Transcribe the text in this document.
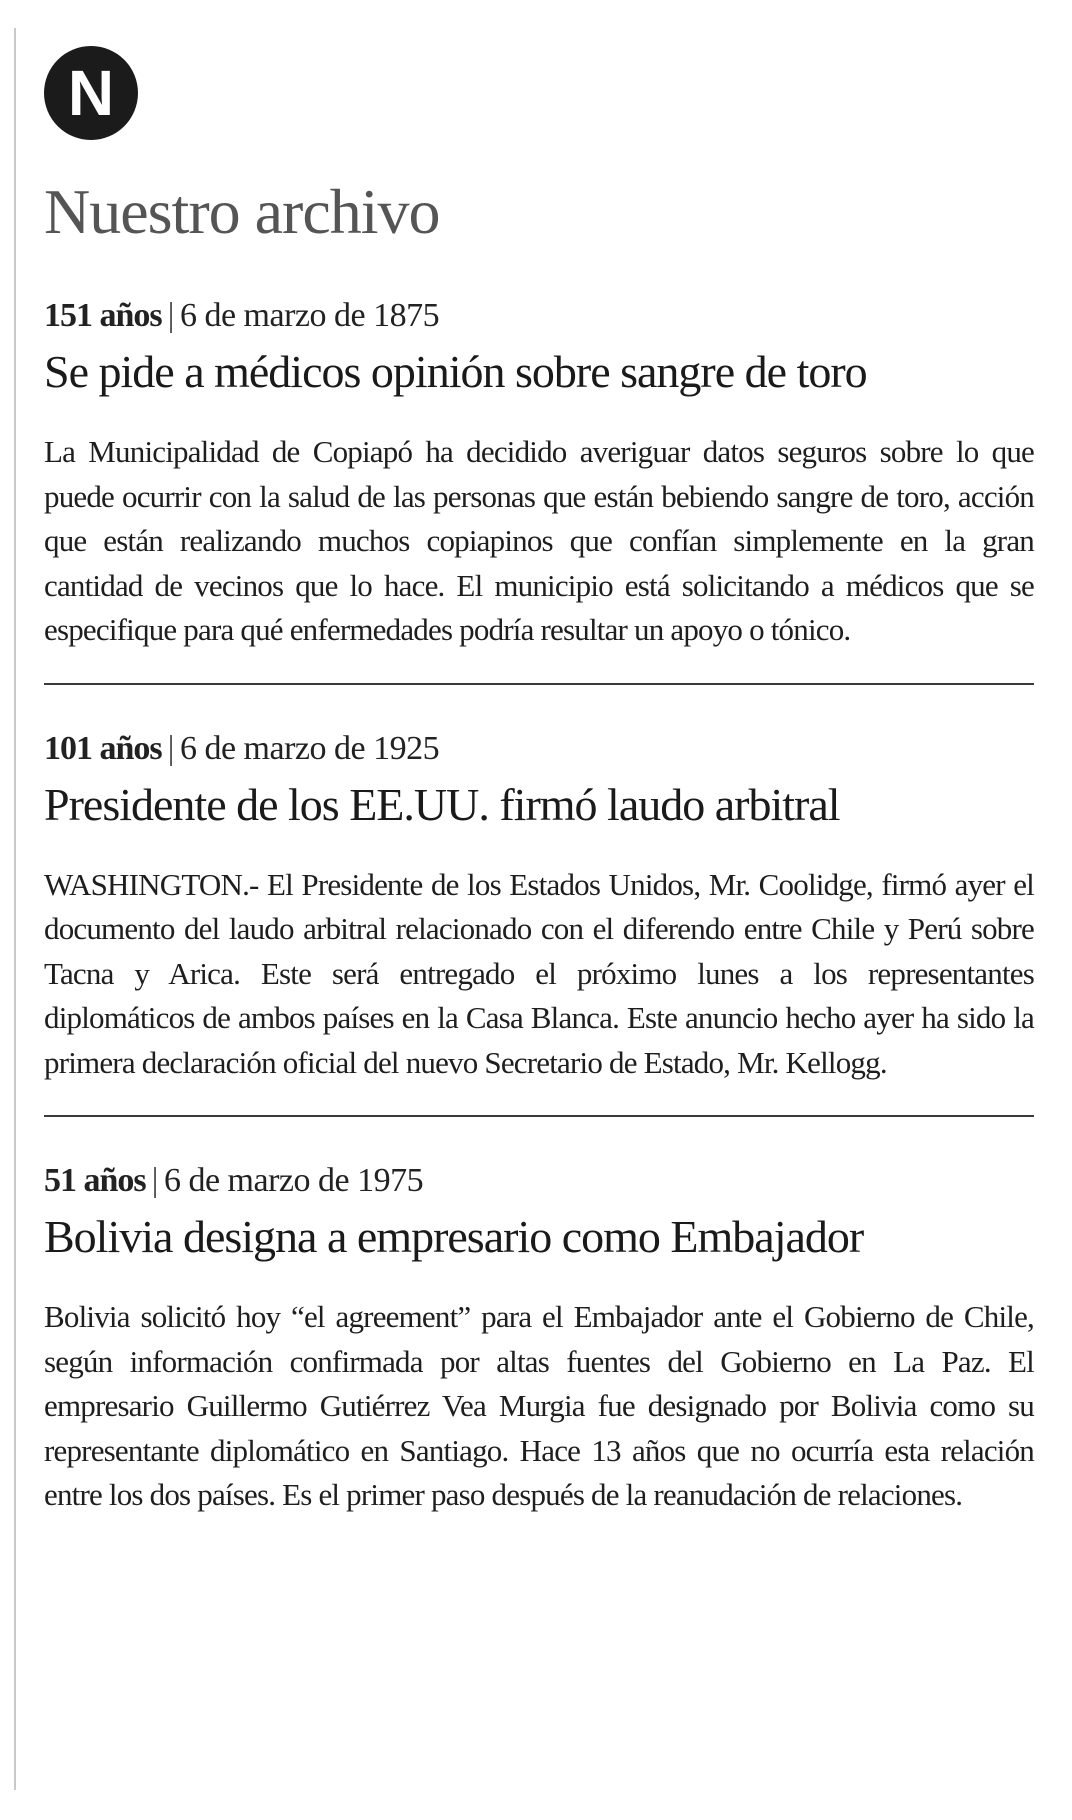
N
Nuestro archivo
151 años | 6 de marzo de 1875
Se pide a médicos opinión sobre sangre de toro

La Municipalidad de Copiapó ha decidido averiguar datos seguros sobre lo que puede ocurrir con la salud de las personas que están bebiendo sangre de toro, acción que están realizando muchos copiapinos que confían simplemente en la gran cantidad de vecinos que lo hace. El municipio está solicitando a médicos que se especifique para qué enfermedades podría resultar un apoyo o tónico.

101 años | 6 de marzo de 1925
Presidente de los EE.UU. firmó laudo arbitral

WASHINGTON.- El Presidente de los Estados Unidos, Mr. Coolidge, firmó ayer el documento del laudo arbitral relacionado con el diferendo entre Chile y Perú sobre Tacna y Arica. Este será entregado el próximo lunes a los representantes diplomáticos de ambos países en la Casa Blanca. Este anuncio hecho ayer ha sido la primera declaración oficial del nuevo Secretario de Estado, Mr. Kellogg.

51 años | 6 de marzo de 1975
Bolivia designa a empresario como Embajador

Bolivia solicitó hoy “el agreement” para el Embajador ante el Gobierno de Chile, según información confirmada por altas fuentes del Gobierno en La Paz. El empresario Guillermo Gutiérrez Vea Murgia fue designado por Bolivia como su representante diplomático en Santiago. Hace 13 años que no ocurría esta relación entre los dos países. Es el primer paso después de la reanudación de relaciones.
